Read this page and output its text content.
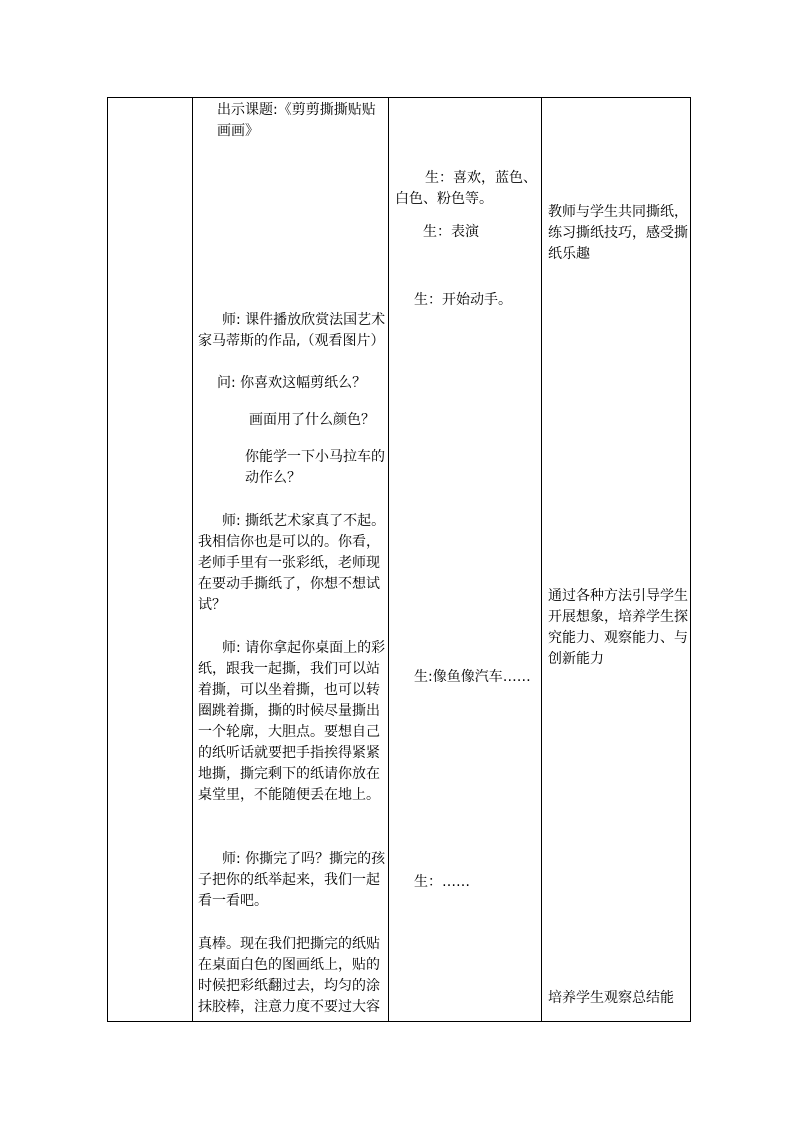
出示课题:《剪剪撕撕贴贴画画》

师: 课件播放欣赏法国艺术家马蒂斯的作品,（观看图片）

问: 你喜欢这幅剪纸么？

画面用了什么颜色？

你能学一下小马拉车的动作么？

师: 撕纸艺术家真了不起。我相信你也是可以的。你看，老师手里有一张彩纸，老师现在要动手撕纸了，你想不想试试？

师: 请你拿起你桌面上的彩纸，跟我一起撕，我们可以站着撕，可以坐着撕，也可以转圈跳着撕，撕的时候尽量撕出一个轮廓，大胆点。要想自己的纸听话就要把手指挨得紧紧地撕，撕完剩下的纸请你放在桌堂里，不能随便丢在地上。

师: 你撕完了吗？撕完的孩子把你的纸举起来，我们一起看一看吧。

真棒。现在我们把撕完的纸贴在桌面白色的图画纸上，贴的时候把彩纸翻过去，均匀的涂抹胶棒，注意力度不要过大容

生：喜欢，蓝色、白色、粉色等。

生：表演

生：开始动手。

生:像鱼像汽车……

生：……

教师与学生共同撕纸，练习撕纸技巧，感受撕纸乐趣

通过各种方法引导学生开展想象，培养学生探究能力、观察能力、与创新能力

培养学生观察总结能
